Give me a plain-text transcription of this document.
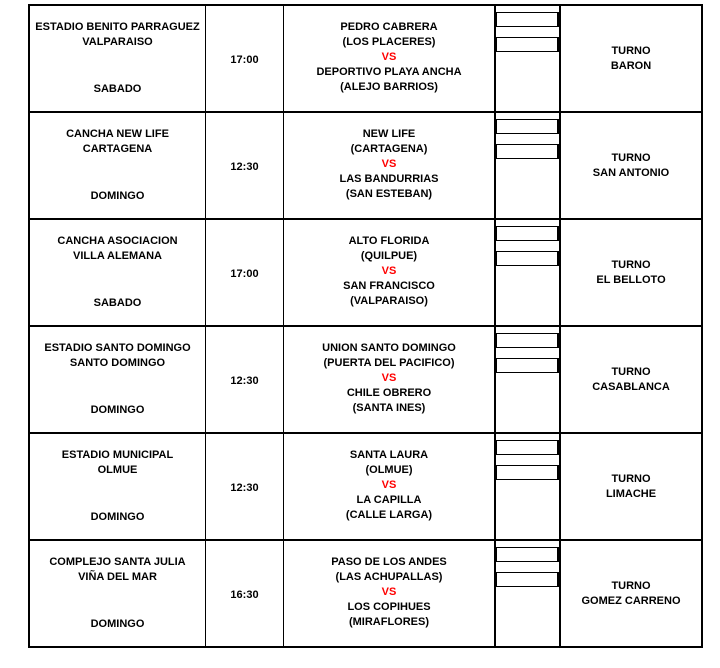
ESTADIO BENITO PARRAGUEZ
VALPARAISO
SABADO
17:00
PEDRO CABRERA
(LOS PLACERES)
VS
DEPORTIVO PLAYA ANCHA
(ALEJO BARRIOS)
TURNO
BARON
CANCHA NEW LIFE
CARTAGENA
DOMINGO
12:30
NEW LIFE
(CARTAGENA)
VS
LAS BANDURRIAS
(SAN ESTEBAN)
TURNO
SAN ANTONIO
CANCHA ASOCIACION
VILLA ALEMANA
SABADO
17:00
ALTO FLORIDA
(QUILPUE)
VS
SAN FRANCISCO
(VALPARAISO)
TURNO
EL BELLOTO
ESTADIO SANTO DOMINGO
SANTO DOMINGO
DOMINGO
12:30
UNION SANTO DOMINGO
(PUERTA DEL PACIFICO)
VS
CHILE OBRERO
(SANTA INES)
TURNO
CASABLANCA
ESTADIO MUNICIPAL
OLMUE
DOMINGO
12:30
SANTA LAURA
(OLMUE)
VS
LA CAPILLA
(CALLE LARGA)
TURNO
LIMACHE
COMPLEJO SANTA JULIA
VIÑA DEL MAR
DOMINGO
16:30
PASO DE LOS ANDES
(LAS ACHUPALLAS)
VS
LOS COPIHUES
(MIRAFLORES)
TURNO
GOMEZ CARRENO
